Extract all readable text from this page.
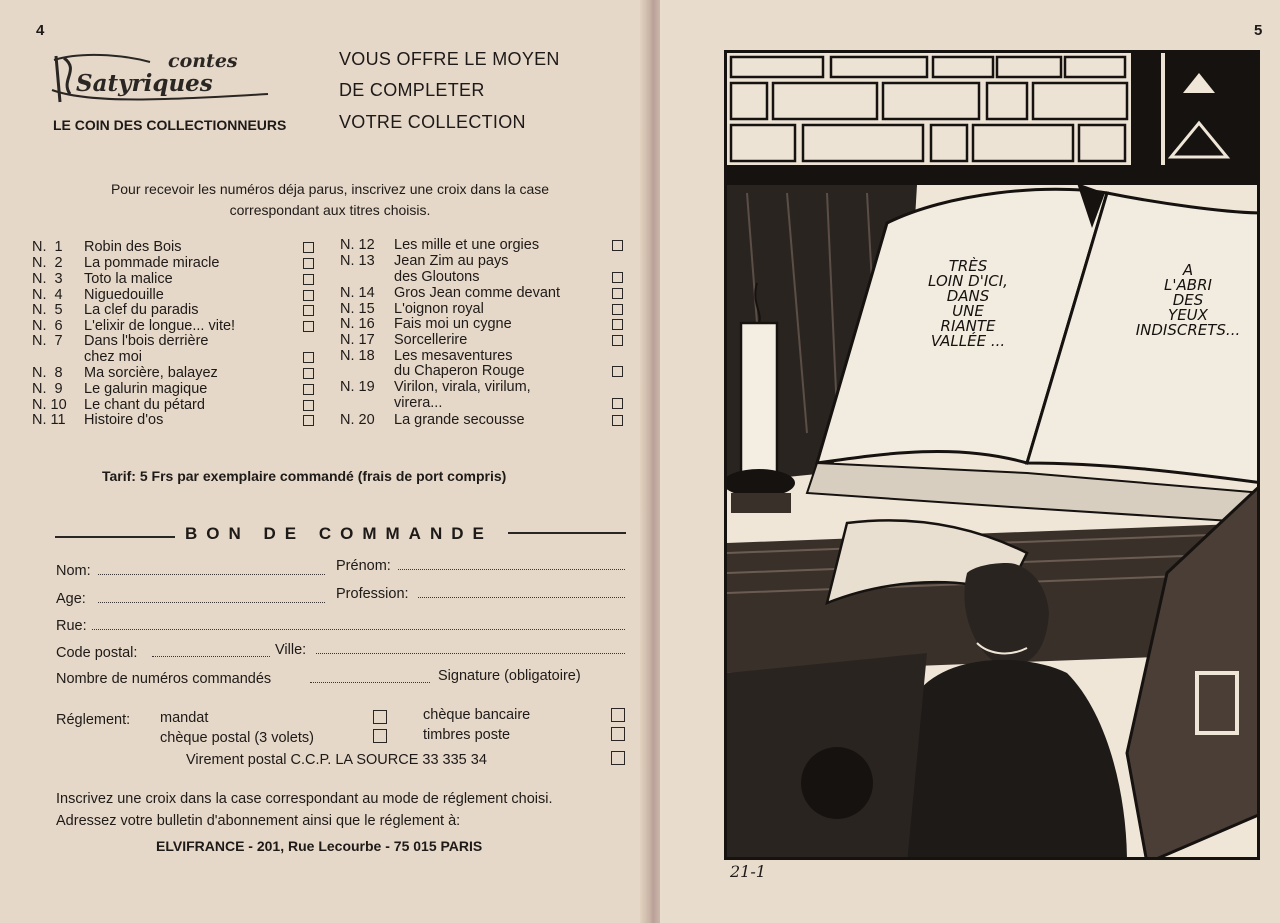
4
contes
Satyriques
LE COIN DES COLLECTIONNEURS
VOUS OFFRE LE MOYEN
DE COMPLETER
VOTRE COLLECTION
Pour recevoir les numéros déja parus, inscrivez une croix dans la case
correspondant aux titres choisis.
N.  1 Robin des Bois
N.  2 La pommade miracle
N.  3 Toto la malice
N.  4 Niguedouille
N.  5 La clef du paradis
N.  6 L'elixir de longue... vite!
N.  7 Dans l'bois derrière
chez moi
N.  8 Ma sorcière, balayez
N.  9 Le galurin magique
N. 10 Le chant du pétard
N. 11 Histoire d'os
N. 12 Les mille et une orgies
N. 13 Jean Zim au pays
des Gloutons
N. 14 Gros Jean comme devant
N. 15 L'oignon royal
N. 16 Fais moi un cygne
N. 17 Sorcellerire
N. 18 Les mesaventures
du Chaperon Rouge
N. 19 Virilon, virala, virilum,
virera...
N. 20 La grande secousse
Tarif: 5 Frs par exemplaire commandé (frais de port compris)
BON DE COMMANDE
Nom:	Prénom:
Age:	Profession:
Rue:
Code postal:	Ville:
Nombre de numéros commandés	Signature (obligatoire)
Réglement: mandat	chèque bancaire
chèque postal (3 volets)	timbres poste
Virement postal C.C.P. LA SOURCE 33 335 34
Inscrivez une croix dans la case correspondant au mode de réglement choisi.
Adressez votre bulletin d'abonnement ainsi que le réglement à:
ELVIFRANCE - 201, Rue Lecourbe - 75 015 PARIS
5
TRÈS
LOIN D'ICI,
DANS
UNE
RIANTE
VALLÉE ...
A
L'ABRI
DES
YEUX
INDISCRETS...
21-1
